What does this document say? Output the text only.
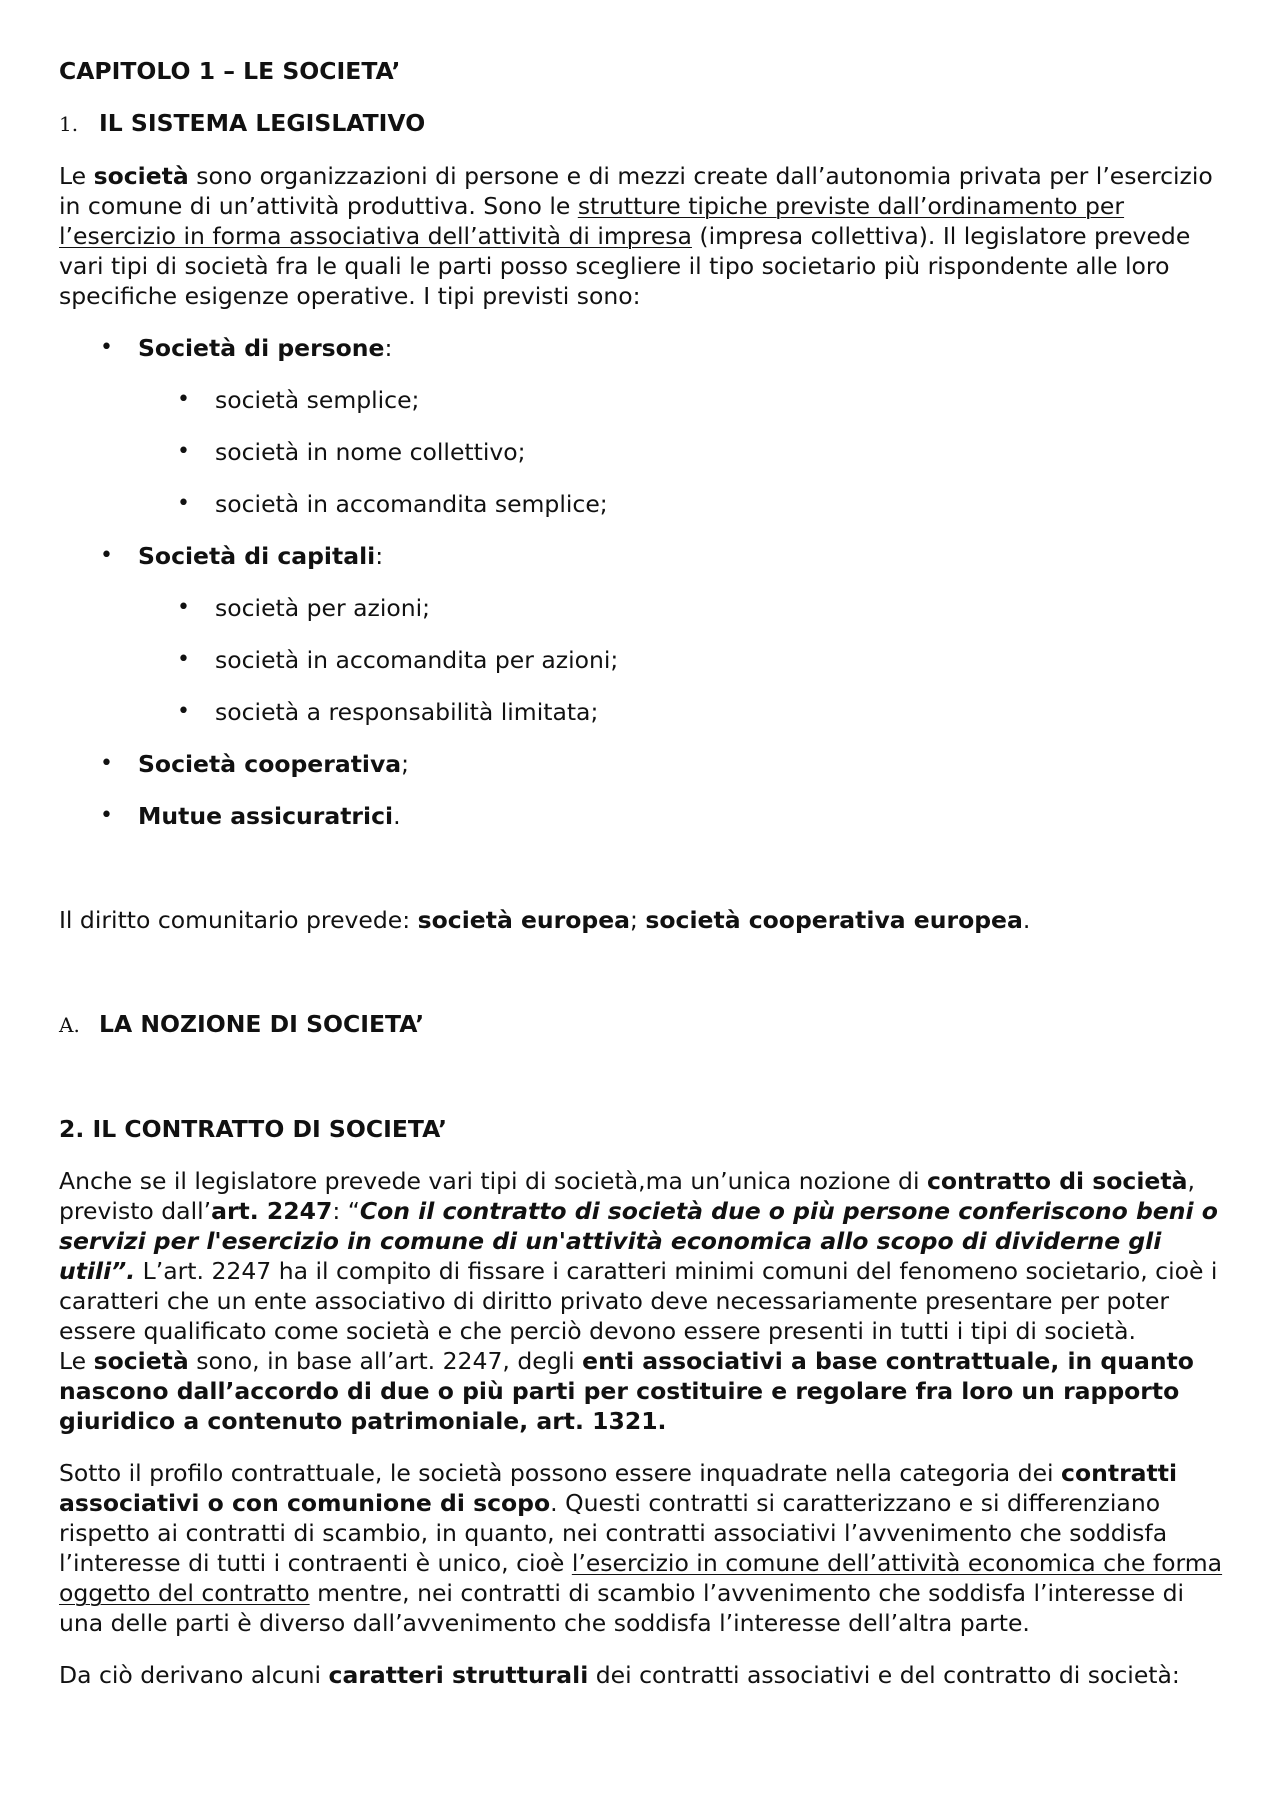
CAPITOLO 1 – LE SOCIETA’

1. IL SISTEMA LEGISLATIVO

Le società sono organizzazioni di persone e di mezzi create dall’autonomia privata per l’esercizio in comune di un’attività produttiva. Sono le strutture tipiche previste dall’ordinamento per l’esercizio in forma associativa dell’attività di impresa (impresa collettiva). Il legislatore prevede vari tipi di società fra le quali le parti posso scegliere il tipo societario più rispondente alle loro specifiche esigenze operative. I tipi previsti sono:

• Società di persone:
• società semplice;
• società in nome collettivo;
• società in accomandita semplice;
• Società di capitali:
• società per azioni;
• società in accomandita per azioni;
• società a responsabilità limitata;
• Società cooperativa;
• Mutue assicuratrici.

Il diritto comunitario prevede: società europea; società cooperativa europea.

A. LA NOZIONE DI SOCIETA’

2. IL CONTRATTO DI SOCIETA’

Anche se il legislatore prevede vari tipi di società,ma un’unica nozione di contratto di società, previsto dall’art. 2247: “Con il contratto di società due o più persone conferiscono beni o servizi per l'esercizio in comune di un'attività economica allo scopo di dividerne gli utili”. L’art. 2247 ha il compito di fissare i caratteri minimi comuni del fenomeno societario, cioè i caratteri che un ente associativo di diritto privato deve necessariamente presentare per poter essere qualificato come società e che perciò devono essere presenti in tutti i tipi di società.

Le società sono, in base all’art. 2247, degli enti associativi a base contrattuale, in quanto nascono dall’accordo di due o più parti per costituire e regolare fra loro un rapporto giuridico a contenuto patrimoniale, art. 1321.

Sotto il profilo contrattuale, le società possono essere inquadrate nella categoria dei contratti associativi o con comunione di scopo. Questi contratti si caratterizzano e si differenziano rispetto ai contratti di scambio, in quanto, nei contratti associativi l’avvenimento che soddisfa l’interesse di tutti i contraenti è unico, cioè l’esercizio in comune dell’attività economica che forma oggetto del contratto mentre, nei contratti di scambio l’avvenimento che soddisfa l’interesse di una delle parti è diverso dall’avvenimento che soddisfa l’interesse dell’altra parte.

Da ciò derivano alcuni caratteri strutturali dei contratti associativi e del contratto di società:
